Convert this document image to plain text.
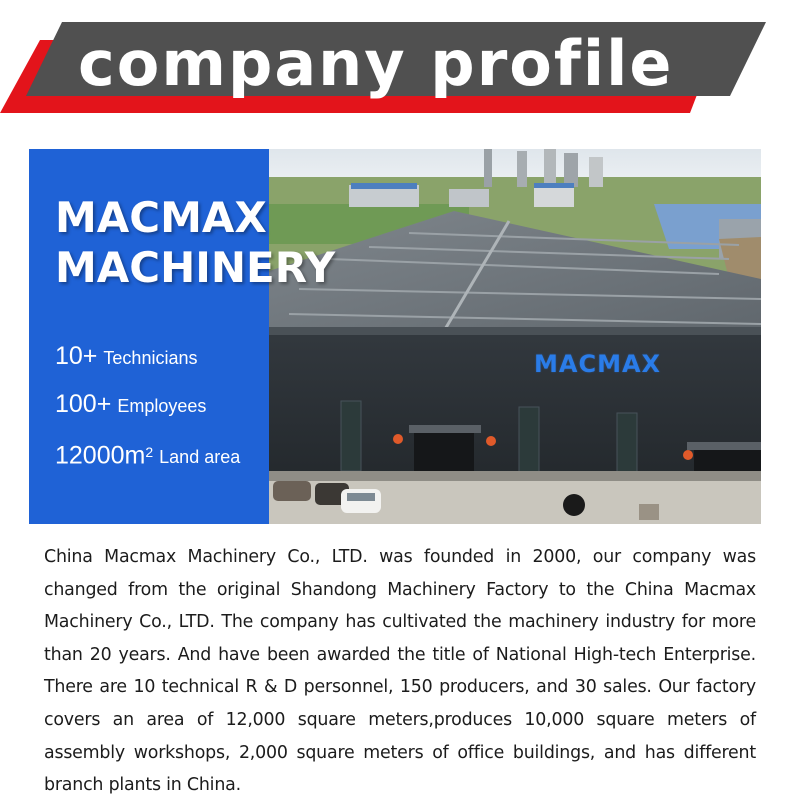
company profile
MACMAX
MACHINERY
10+ Technicians
100+ Employees
$12000m^2$ Land area
MACMAX

China Macmax Machinery Co., LTD. was founded in 2000, our company was changed from the original Shandong Machinery Factory to the China Macmax Machinery Co., LTD. The company has cultivated the machinery industry for more than 20 years. And have been awarded the title of National High-tech Enterprise. There are 10 technical R & D personnel, 150 producers, and 30 sales. Our factory covers an area of 12,000 square meters,produces 10,000 square meters of assembly workshops, 2,000 square meters of office buildings, and has different branch plants in China.
